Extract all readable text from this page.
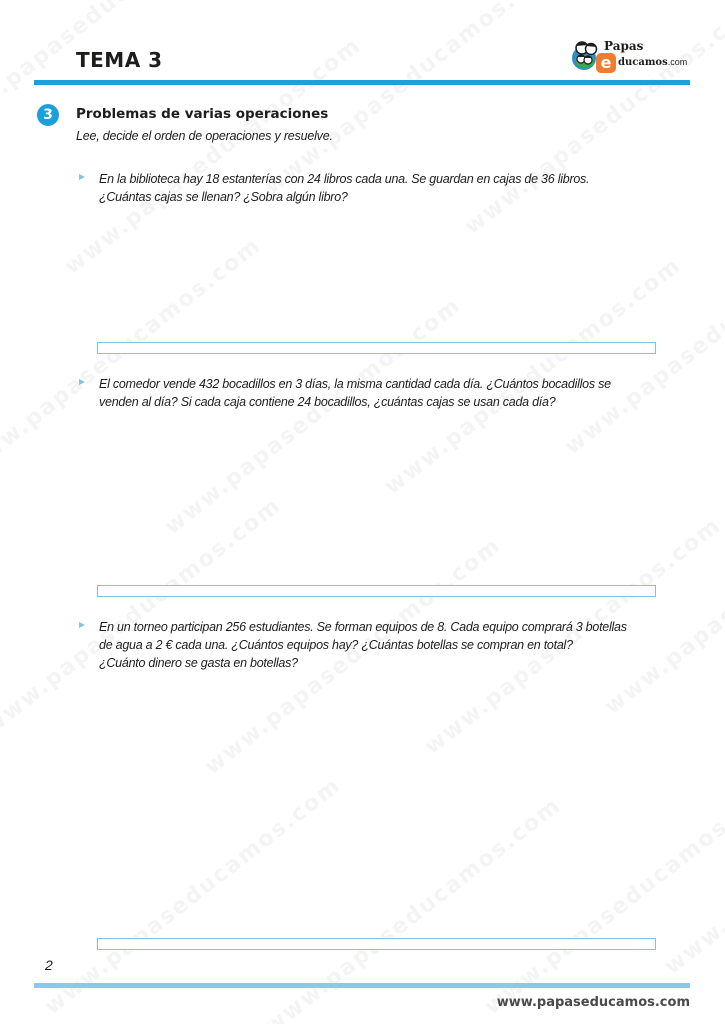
TEMA 3
Papas
e ducamos.com
3	Problemas de varias operaciones
Lee, decide el orden de operaciones y resuelve.
En la biblioteca hay 18 estanterías con 24 libros cada una. Se guardan en cajas de 36 libros.
¿Cuántas cajas se llenan? ¿Sobra algún libro?
El comedor vende 432 bocadillos en 3 días, la misma cantidad cada día. ¿Cuántos bocadillos se
venden al día? Si cada caja contiene 24 bocadillos, ¿cuántas cajas se usan cada día?
En un torneo participan 256 estudiantes. Se forman equipos de 8. Cada equipo comprará 3 botellas
de agua a 2 € cada una. ¿Cuántos equipos hay? ¿Cuántas botellas se compran en total?
¿Cuánto dinero se gasta en botellas?
2
www.papaseducamos.com
